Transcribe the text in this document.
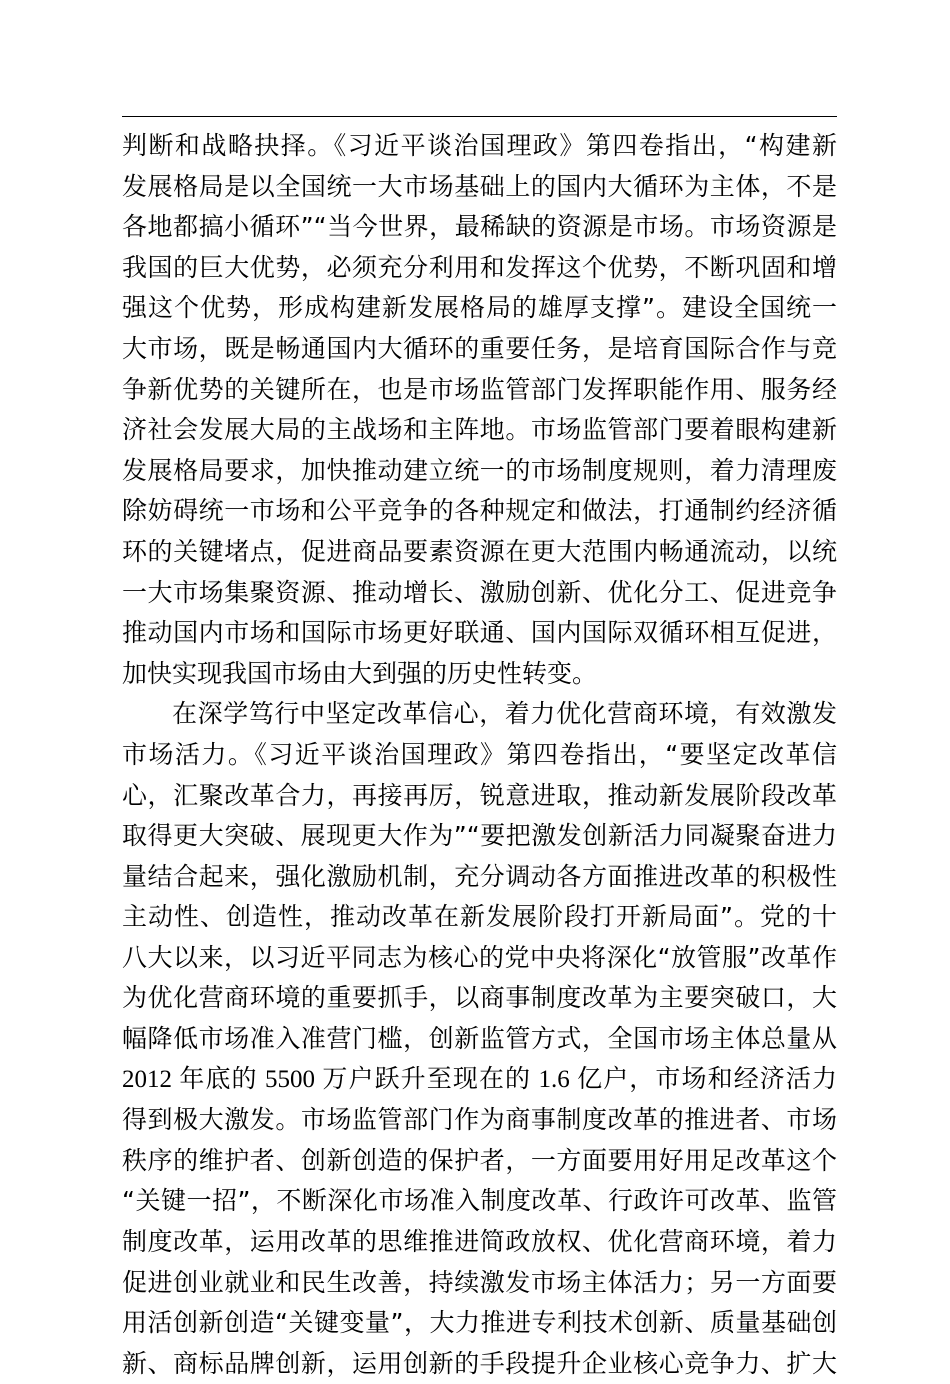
判断和战略抉择。《习近平谈治国理政》第四卷指出，“构建新
发展格局是以全国统一大市场基础上的国内大循环为主体，不是
各地都搞小循环”“当今世界，最稀缺的资源是市场。市场资源是
我国的巨大优势，必须充分利用和发挥这个优势，不断巩固和增
强这个优势，形成构建新发展格局的雄厚支撑”。建设全国统一
大市场，既是畅通国内大循环的重要任务，是培育国际合作与竞
争新优势的关键所在，也是市场监管部门发挥职能作用、服务经
济社会发展大局的主战场和主阵地。市场监管部门要着眼构建新
发展格局要求，加快推动建立统一的市场制度规则，着力清理废
除妨碍统一市场和公平竞争的各种规定和做法，打通制约经济循
环的关键堵点，促进商品要素资源在更大范围内畅通流动，以统
一大市场集聚资源、推动增长、激励创新、优化分工、促进竞争
推动国内市场和国际市场更好联通、国内国际双循环相互促进，
加快实现我国市场由大到强的历史性转变。
在深学笃行中坚定改革信心，着力优化营商环境，有效激发
市场活力。《习近平谈治国理政》第四卷指出，“要坚定改革信
心，汇聚改革合力，再接再厉，锐意进取，推动新发展阶段改革
取得更大突破、展现更大作为”“要把激发创新活力同凝聚奋进力
量结合起来，强化激励机制，充分调动各方面推进改革的积极性
主动性、创造性，推动改革在新发展阶段打开新局面”。党的十
八大以来，以习近平同志为核心的党中央将深化“放管服”改革作
为优化营商环境的重要抓手，以商事制度改革为主要突破口，大
幅降低市场准入准营门槛，创新监管方式，全国市场主体总量从
2012 年底的 5500 万户跃升至现在的 1.6 亿户，市场和经济活力
得到极大激发。市场监管部门作为商事制度改革的推进者、市场
秩序的维护者、创新创造的保护者，一方面要用好用足改革这个
“关键一招”，不断深化市场准入制度改革、行政许可改革、监管
制度改革，运用改革的思维推进简政放权、优化营商环境，着力
促进创业就业和民生改善，持续激发市场主体活力；另一方面要
用活创新创造“关键变量”，大力推进专利技术创新、质量基础创
新、商标品牌创新，运用创新的手段提升企业核心竞争力、扩大
